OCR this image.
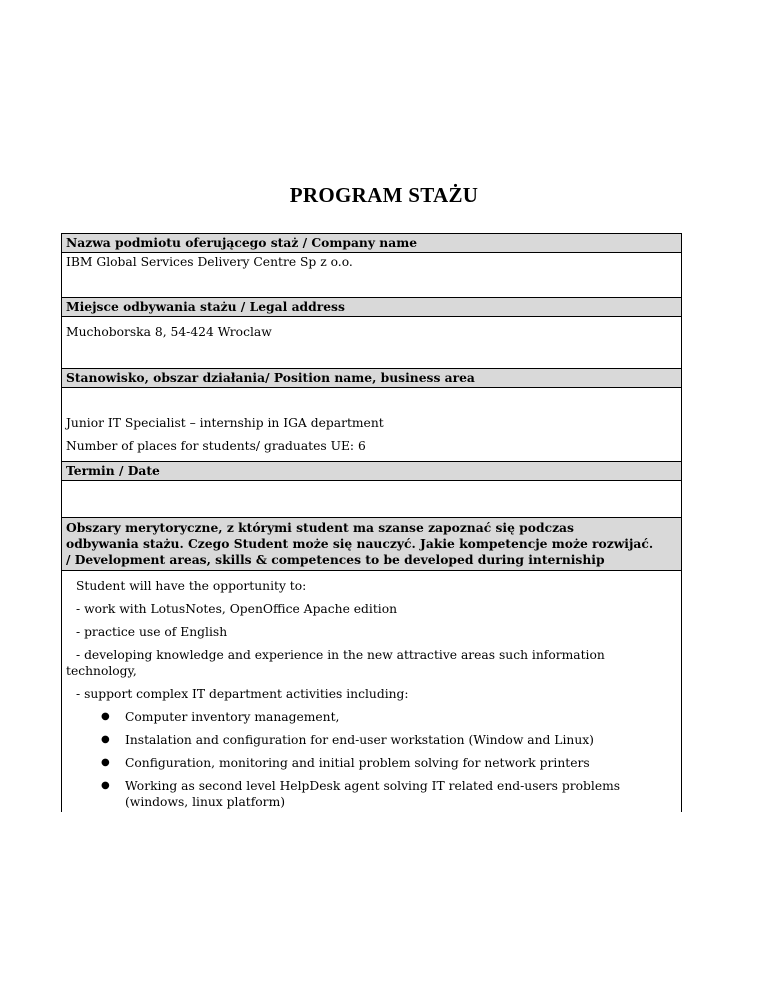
PROGRAM STAŻU
Nazwa podmiotu oferującego staż / Company name

IBM Global Services Delivery Centre Sp z o.o.

Miejsce odbywania stażu / Legal address

Muchoborska 8, 54-424 Wroclaw

Stanowisko, obszar działania/ Position name, business area

Junior IT Specialist – internship in IGA department

Number of places for students/ graduates UE: 6

Termin / Date

Obszary merytoryczne, z którymi student ma szanse zapoznać się podczas
odbywania stażu. Czego Student może się nauczyć. Jakie kompetencje może rozwijać.
/ Development areas, skills & competences to be developed during interniship

Student will have the opportunity to:

- work with LotusNotes, OpenOffice Apache edition

- practice use of English

- developing knowledge and experience in the new attractive areas such information

technology,

- support complex IT department activities including:

● Computer inventory management,
● Instalation and configuration for end-user workstation (Window and Linux)
● Configuration, monitoring and initial problem solving for network printers
● Working as second level HelpDesk agent solving IT related end-users problems
(windows, linux platform)
